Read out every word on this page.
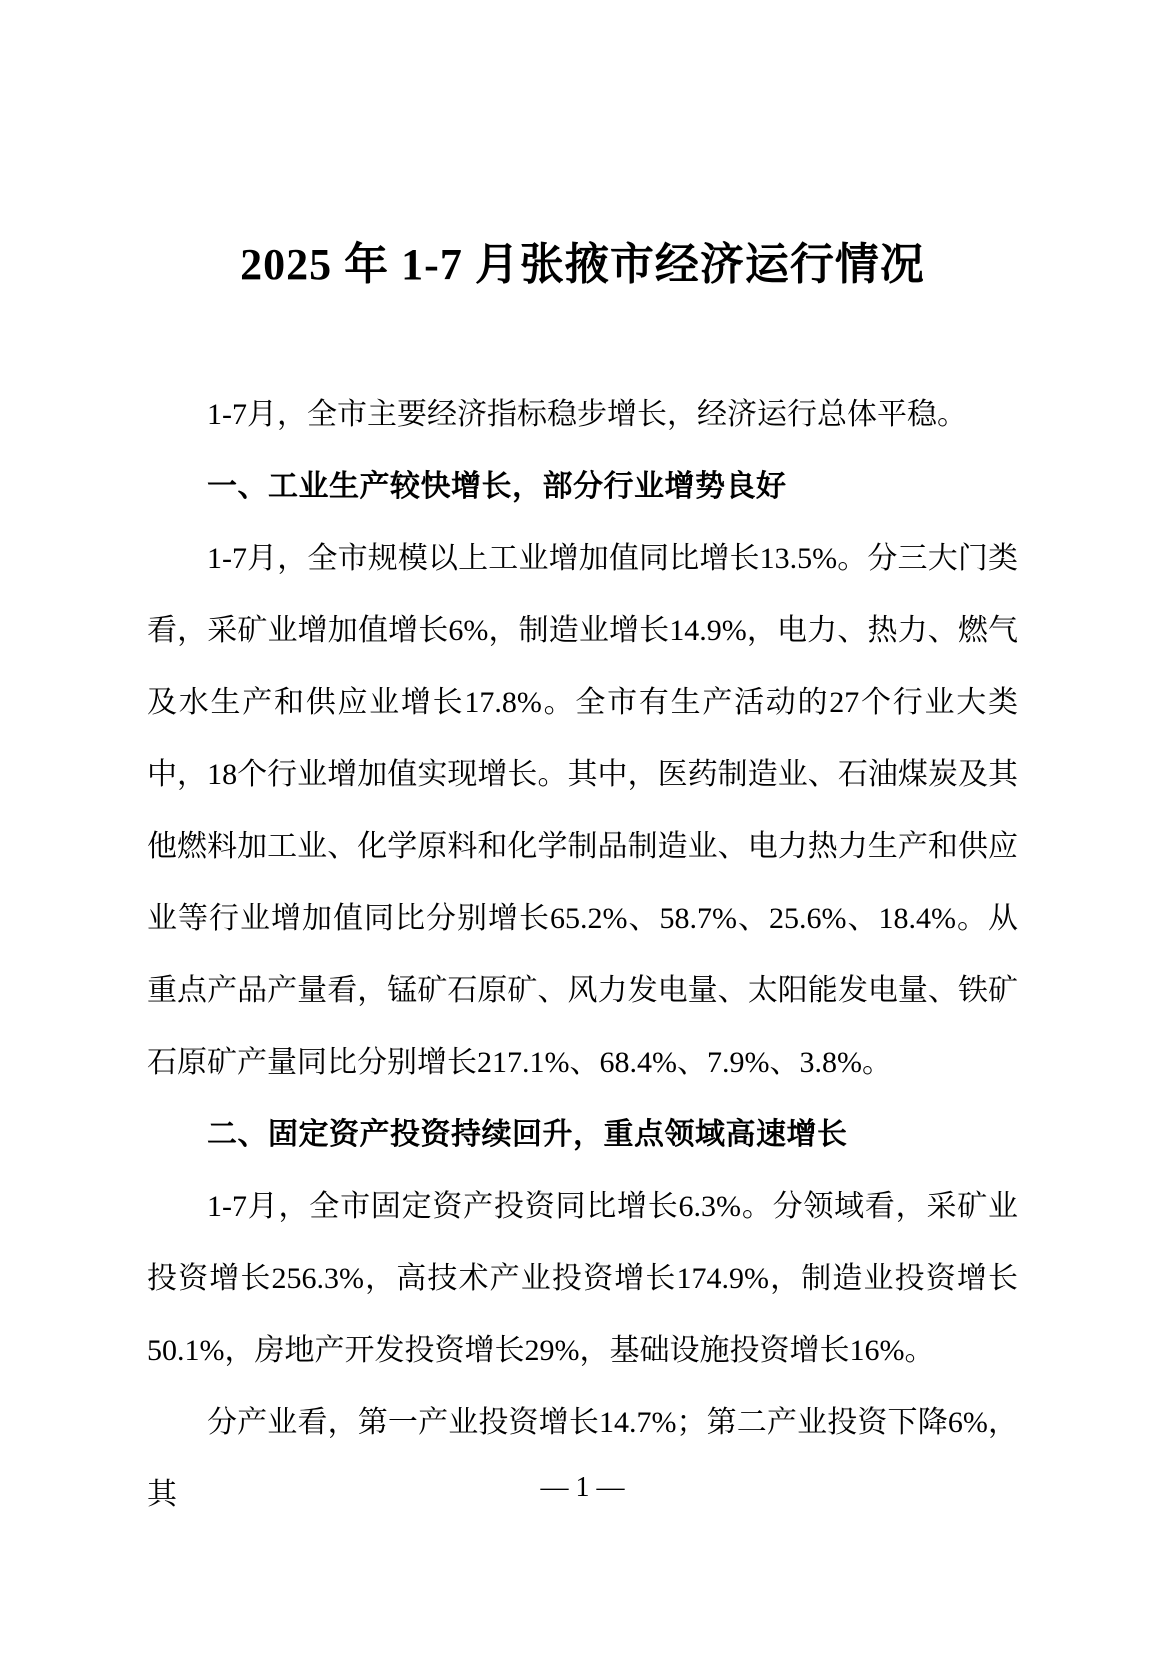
2025 年 1-7 月张掖市经济运行情况

1-7月，全市主要经济指标稳步增长，经济运行总体平稳。

一、工业生产较快增长，部分行业增势良好

1-7月，全市规模以上工业增加值同比增长13.5%。分三大门类看，采矿业增加值增长6%，制造业增长14.9%，电力、热力、燃气及水生产和供应业增长17.8%。全市有生产活动的27个行业大类中，18个行业增加值实现增长。其中，医药制造业、石油煤炭及其他燃料加工业、化学原料和化学制品制造业、电力热力生产和供应业等行业增加值同比分别增长65.2%、58.7%、25.6%、18.4%。从重点产品产量看，锰矿石原矿、风力发电量、太阳能发电量、铁矿石原矿产量同比分别增长217.1%、68.4%、7.9%、3.8%。

二、固定资产投资持续回升，重点领域高速增长

1-7月，全市固定资产投资同比增长6.3%。分领域看，采矿业投资增长256.3%，高技术产业投资增长174.9%，制造业投资增长50.1%，房地产开发投资增长29%，基础设施投资增长16%。

分产业看，第一产业投资增长14.7%；第二产业投资下降6%，其	— 1 —
